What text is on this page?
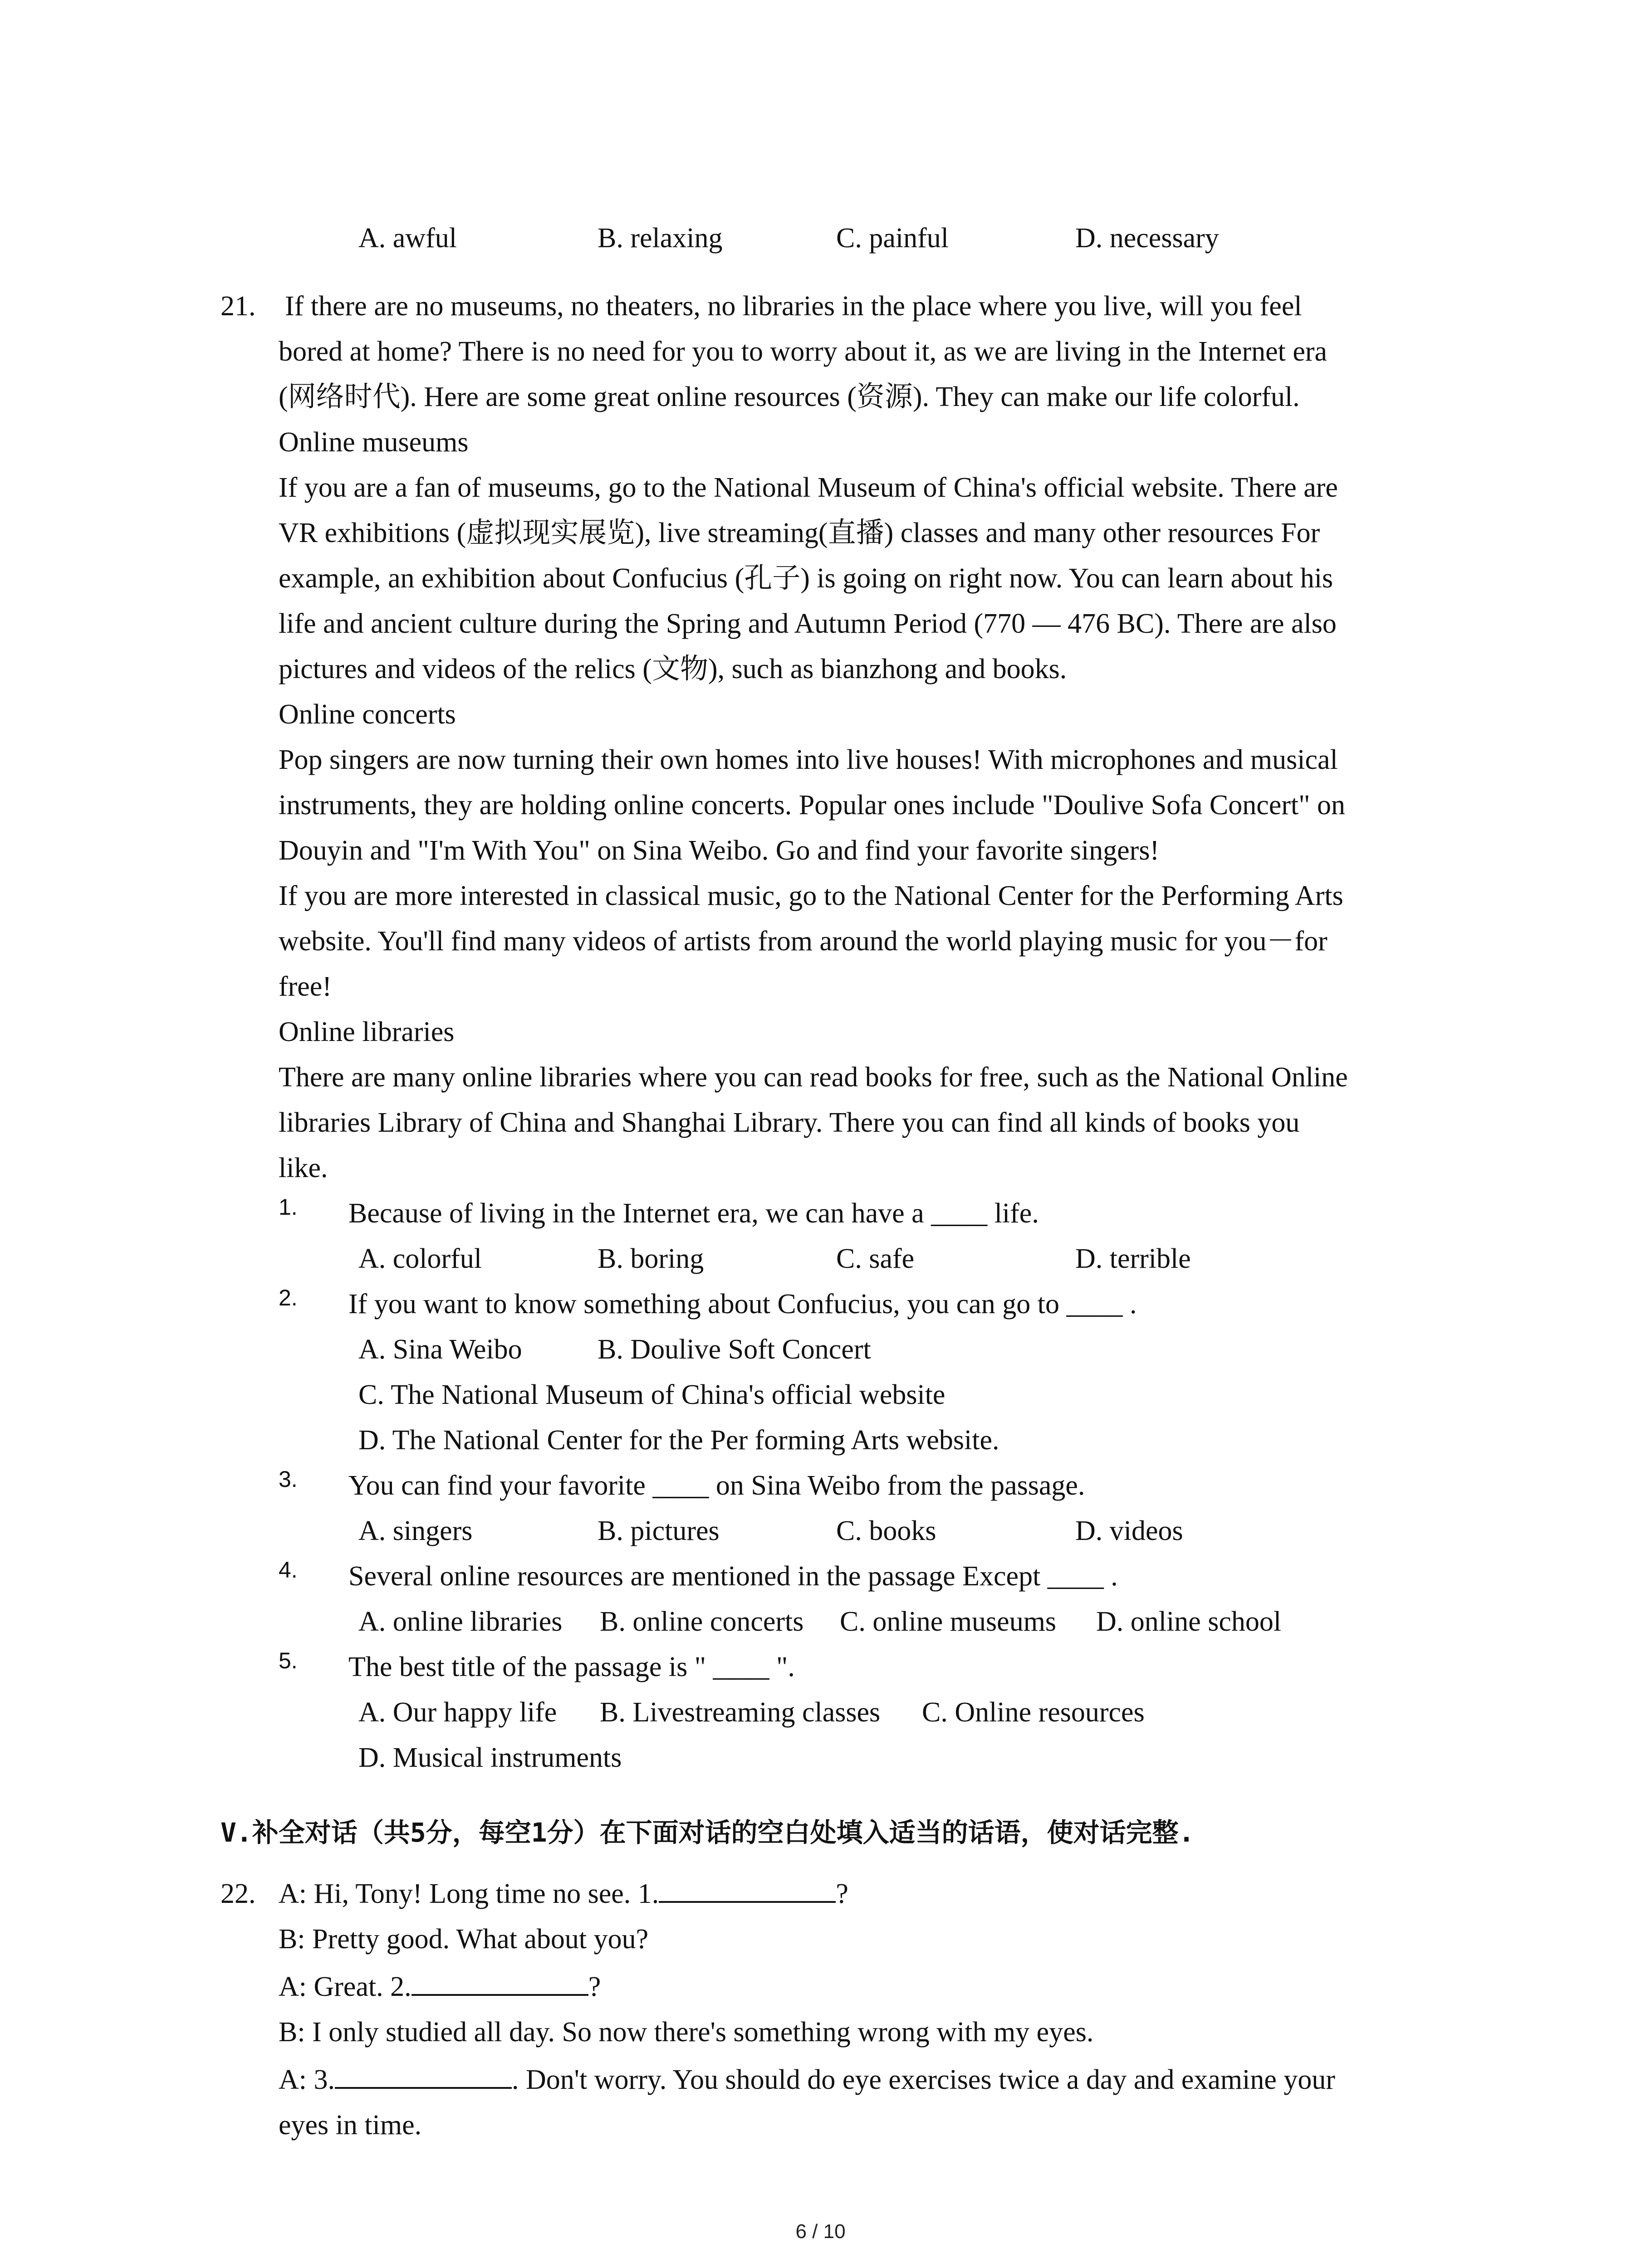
A. awful	B. relaxing	C. painful	D. necessary
21. If there are no museums, no theaters, no libraries in the place where you live, will you feel
bored at home? There is no need for you to worry about it, as we are living in the Internet era
(网络时代). Here are some great online resources (资源). They can make our life colorful.
Online museums
If you are a fan of museums, go to the National Museum of China's official website. There are
VR exhibitions (虚拟现实展览), live streaming(直播) classes and many other resources For
example, an exhibition about Confucius (孔子) is going on right now. You can learn about his
life and ancient culture during the Spring and Autumn Period (770 — 476 BC). There are also
pictures and videos of the relics (文物), such as bianzhong and books.
Online concerts
Pop singers are now turning their own homes into live houses! With microphones and musical
instruments, they are holding online concerts. Popular ones include "Doulive Sofa Concert" on
Douyin and "I'm With You" on Sina Weibo. Go and find your favorite singers!
If you are more interested in classical music, go to the National Center for the Performing Arts
website. You'll find many videos of artists from around the world playing music for you－for
free!
Online libraries
There are many online libraries where you can read books for free, such as the National Online
libraries Library of China and Shanghai Library. There you can find all kinds of books you
like.
1. Because of living in the Internet era, we can have a ____ life.
A. colorful	B. boring	C. safe	D. terrible
2. If you want to know something about Confucius, you can go to ____ .
A. Sina Weibo	B. Doulive Soft Concert
C. The National Museum of China's official website
D. The National Center for the Per forming Arts website.
3. You can find your favorite ____ on Sina Weibo from the passage.
A. singers	B. pictures	C. books	D. videos
4. Several online resources are mentioned in the passage Except ____ .
A. online libraries B. online concerts C. online museums D. online school
5. The best title of the passage is " ____ ".
A. Our happy life B. Livestreaming classes C. Online resources
D. Musical instruments
V.补全对话（共5分，每空1分）在下面对话的空白处填入适当的话语，使对话完整.
22. A: Hi, Tony! Long time no see. 1.	?
B: Pretty good. What about you?
A: Great. 2.	?
B: I only studied all day. So now there's something wrong with my eyes.
A: 3.	. Don't worry. You should do eye exercises twice a day and examine your
eyes in time.
6 / 10
